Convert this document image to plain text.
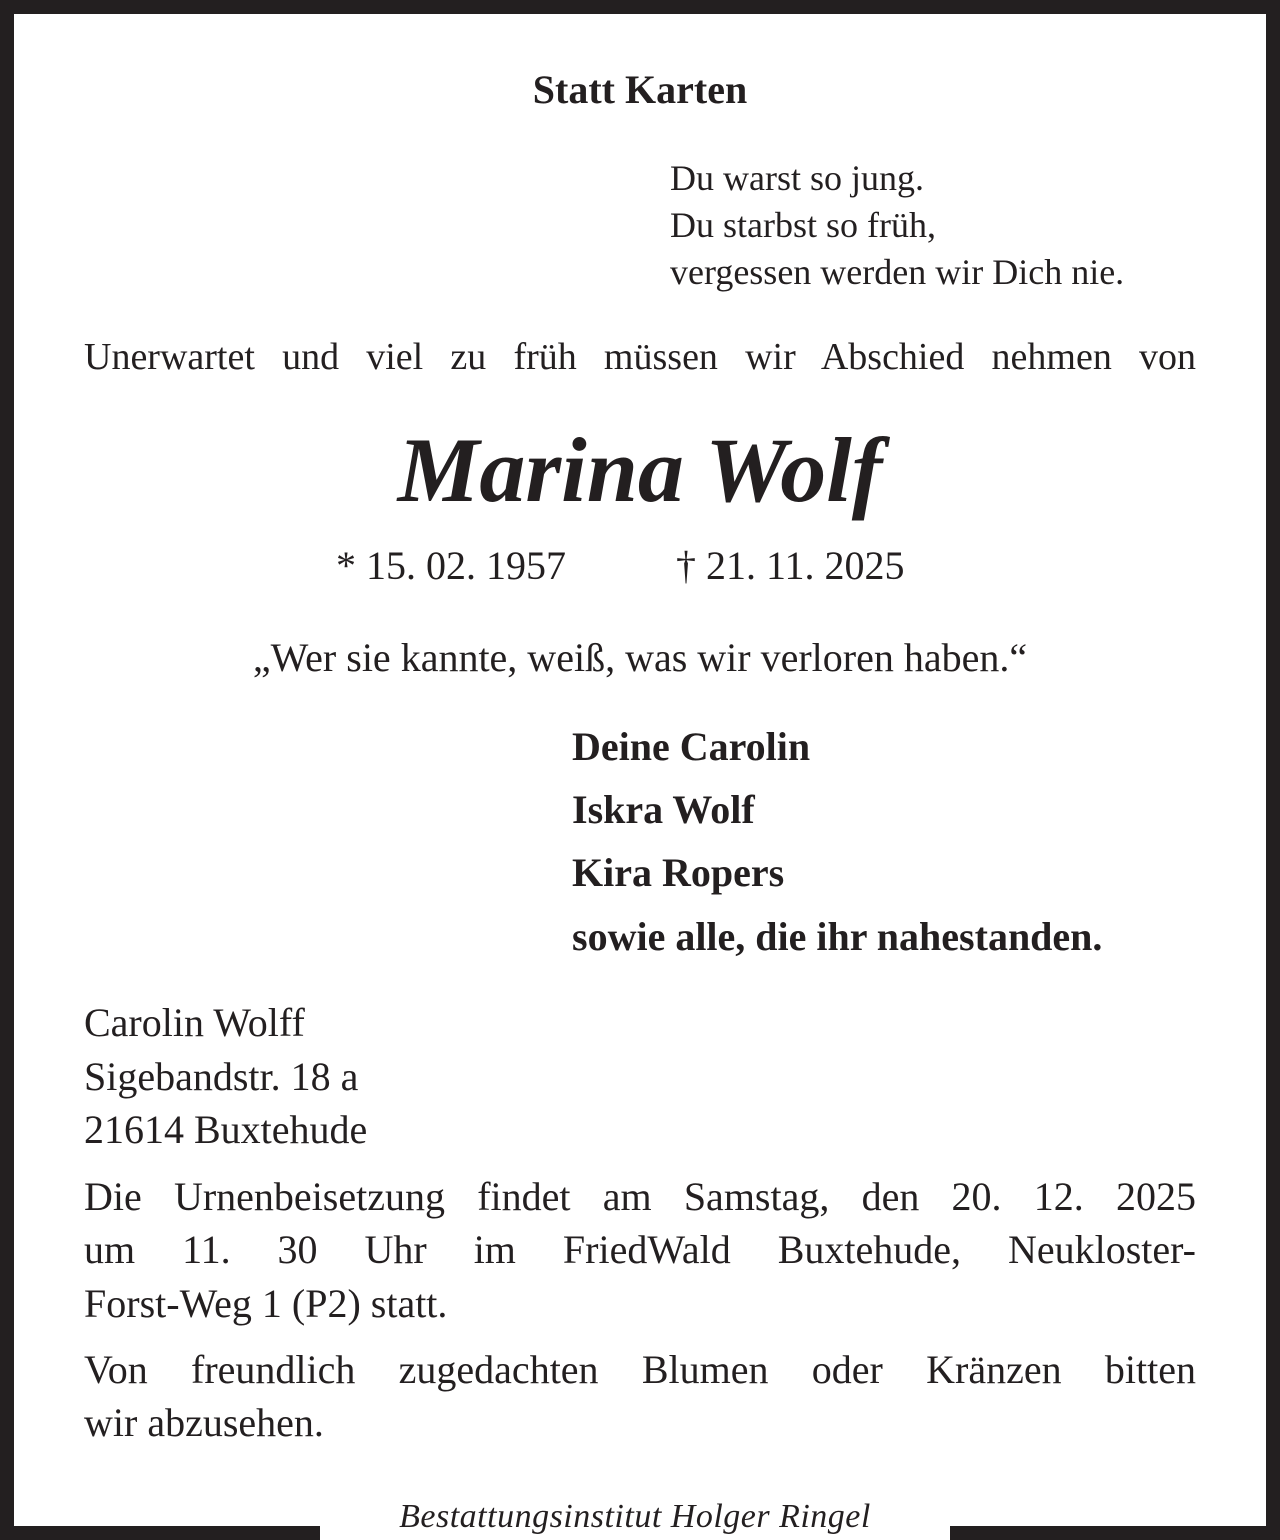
Statt Karten
Du warst so jung.
Du starbst so früh,
vergessen werden wir Dich nie.
Unerwartet und viel zu früh müssen wir Abschied nehmen von
Marina Wolf
* 15. 02. 1957	† 21. 11. 2025
„Wer sie kannte, weiß, was wir verloren haben.“
Deine Carolin
Iskra Wolf
Kira Ropers
sowie alle, die ihr nahestanden.
Carolin Wolff
Sigebandstr. 18 a
21614 Buxtehude
Die Urnenbeisetzung findet am Samstag, den 20. 12. 2025
um 11. 30 Uhr im FriedWald Buxtehude, Neukloster-
Forst-Weg 1 (P2) statt.
Von freundlich zugedachten Blumen oder Kränzen bitten
wir abzusehen.
Bestattungsinstitut Holger Ringel
